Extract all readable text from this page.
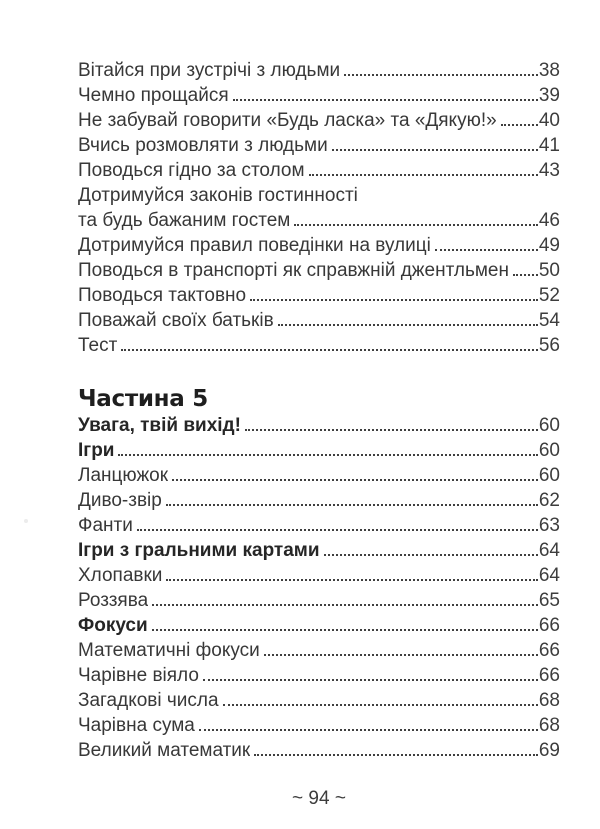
Вітайся при зустрічі з людьми	38
Чемно прощайся	39
Не забувай говорити «Будь ласка» та «Дякую!» 40
Вчись розмовляти з людьми	41
Поводься гідно за столом	43
Дотримуйся законів гостинності
та будь бажаним гостем	46
Дотримуйся правил поведінки на вулиці	49
Поводься в транспорті як справжній джентльмен 50
Поводься тактовно	52
Поважай своїх батьків	54
Тест	56
Частина 5
Увага, твій вихід!	60
Ігри	60
Ланцюжок	60
Диво-звір	62
Фанти	63
Ігри з гральними картами	64
Хлопавки	64
Роззява	65
Фокуси	66
Математичні фокуси	66
Чарівне віяло	66
Загадкові числа	68
Чарівна сума	68
Великий математик	69
~ 94 ~
